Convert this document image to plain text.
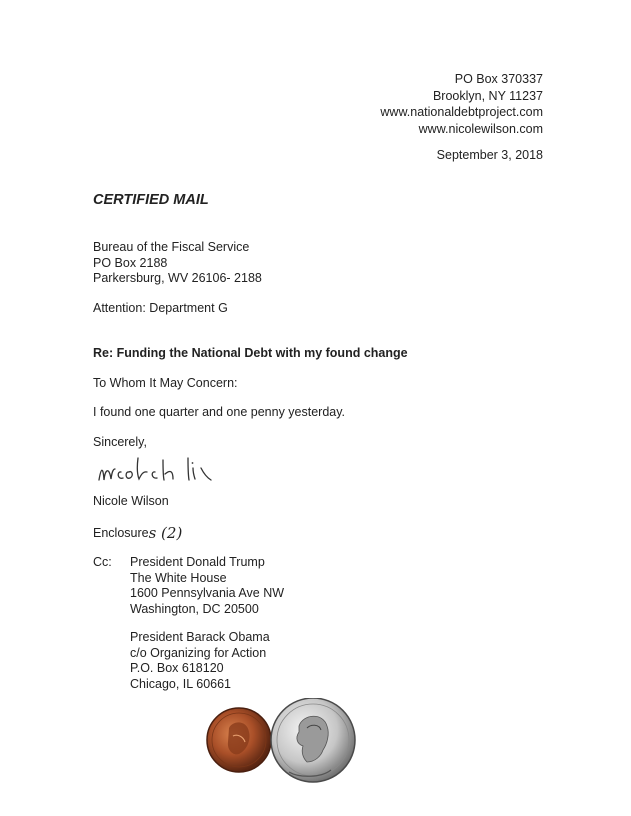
PO Box 370337
Brooklyn, NY 11237
www.nationaldebtproject.com
www.nicolewilson.com
September 3, 2018
CERTIFIED MAIL
Bureau of the Fiscal Service
PO Box 2188
Parkersburg, WV 26106- 2188
Attention: Department G
Re: Funding the National Debt with my found change
To Whom It May Concern:
I found one quarter and one penny yesterday.
Sincerely,
Nicole Wilson
Enclosures (2)
Cc: President Donald Trump
The White House
1600 Pennsylvania Ave NW
Washington, DC 20500
President Barack Obama
c/o Organizing for Action
P.O. Box 618120
Chicago, IL 60661
